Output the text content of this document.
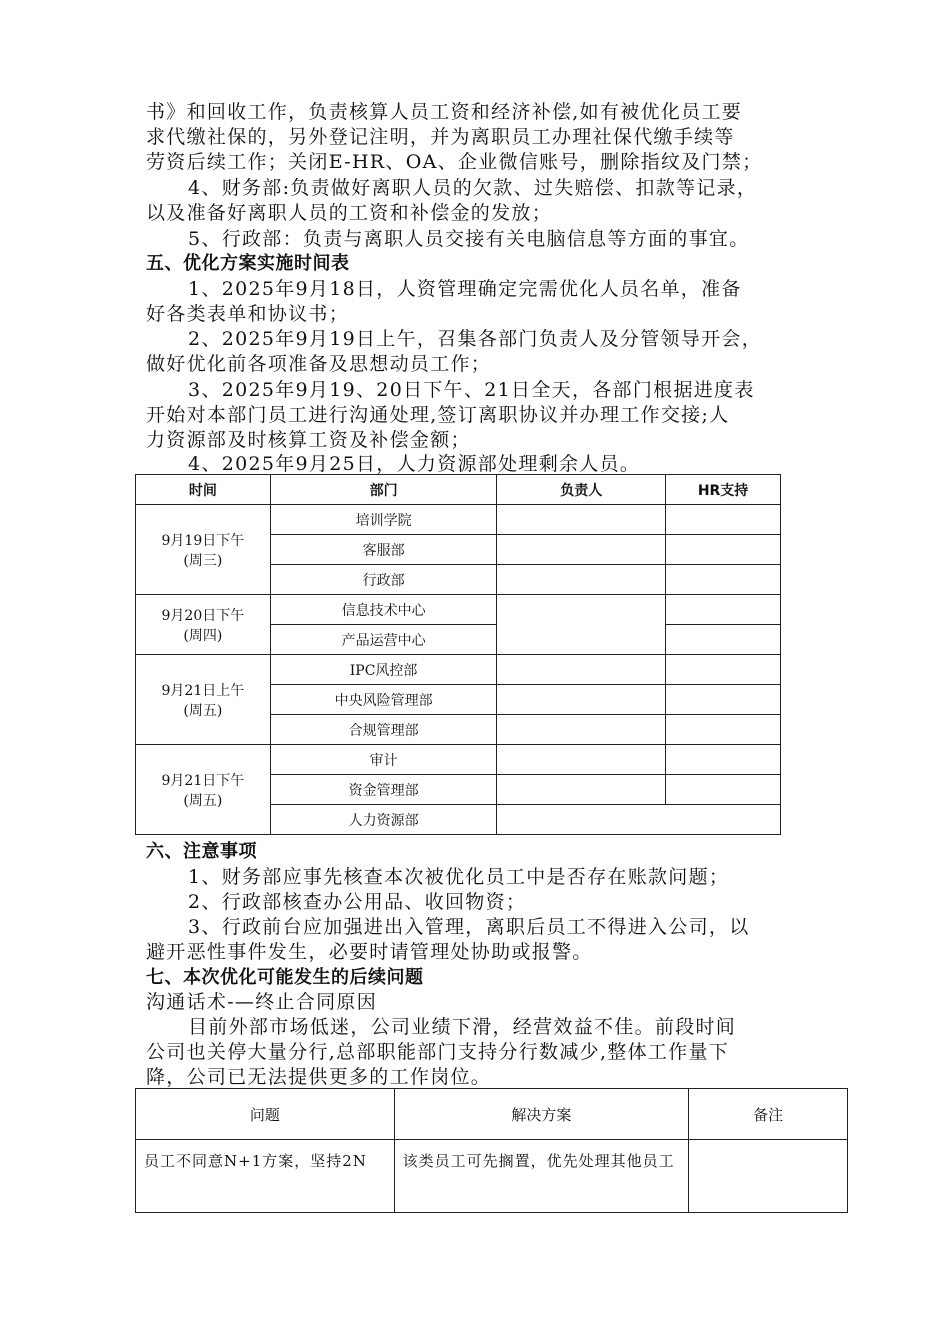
书》和回收工作，负责核算人员工资和经济补偿,如有被优化员工要
求代缴社保的，另外登记注明，并为离职员工办理社保代缴手续等
劳资后续工作；关闭E-HR、OA、企业微信账号，删除指纹及门禁；
4、财务部:负责做好离职人员的欠款、过失赔偿、扣款等记录，
以及准备好离职人员的工资和补偿金的发放；
5、行政部：负责与离职人员交接有关电脑信息等方面的事宜。
五、优化方案实施时间表
1、2025年9月18日，人资管理确定完需优化人员名单，准备
好各类表单和协议书；
2、2025年9月19日上午，召集各部门负责人及分管领导开会，
做好优化前各项准备及思想动员工作；
3、2025年9月19、20日下午、21日全天，各部门根据进度表
开始对本部门员工进行沟通处理,签订离职协议并办理工作交接;人
力资源部及时核算工资及补偿金额；
4、2025年9月25日，人力资源部处理剩余人员。
时间	部门	负责人	HR支持

9月19日下午
(周三)	培训学院		
	客服部		
	行政部		

9月20日下午
(周四)	信息技术中心		
	产品运营中心		

9月21日上午
(周五)	IPC风控部		
	中央风险管理部		
	合规管理部		

9月21日下午
(周五)	审计		
	资金管理部		
	人力资源部		
六、注意事项
1、财务部应事先核查本次被优化员工中是否存在账款问题；
2、行政部核查办公用品、收回物资；
3、行政前台应加强进出入管理，离职后员工不得进入公司，以
避开恶性事件发生，必要时请管理处协助或报警。
七、本次优化可能发生的后续问题
沟通话术-—终止合同原因
目前外部市场低迷，公司业绩下滑，经营效益不佳。前段时间
公司也关停大量分行,总部职能部门支持分行数减少,整体工作量下
降，公司已无法提供更多的工作岗位。
问题	解决方案	备注
员工不同意N+1方案，坚持2N	该类员工可先搁置，优先处理其他员工	
